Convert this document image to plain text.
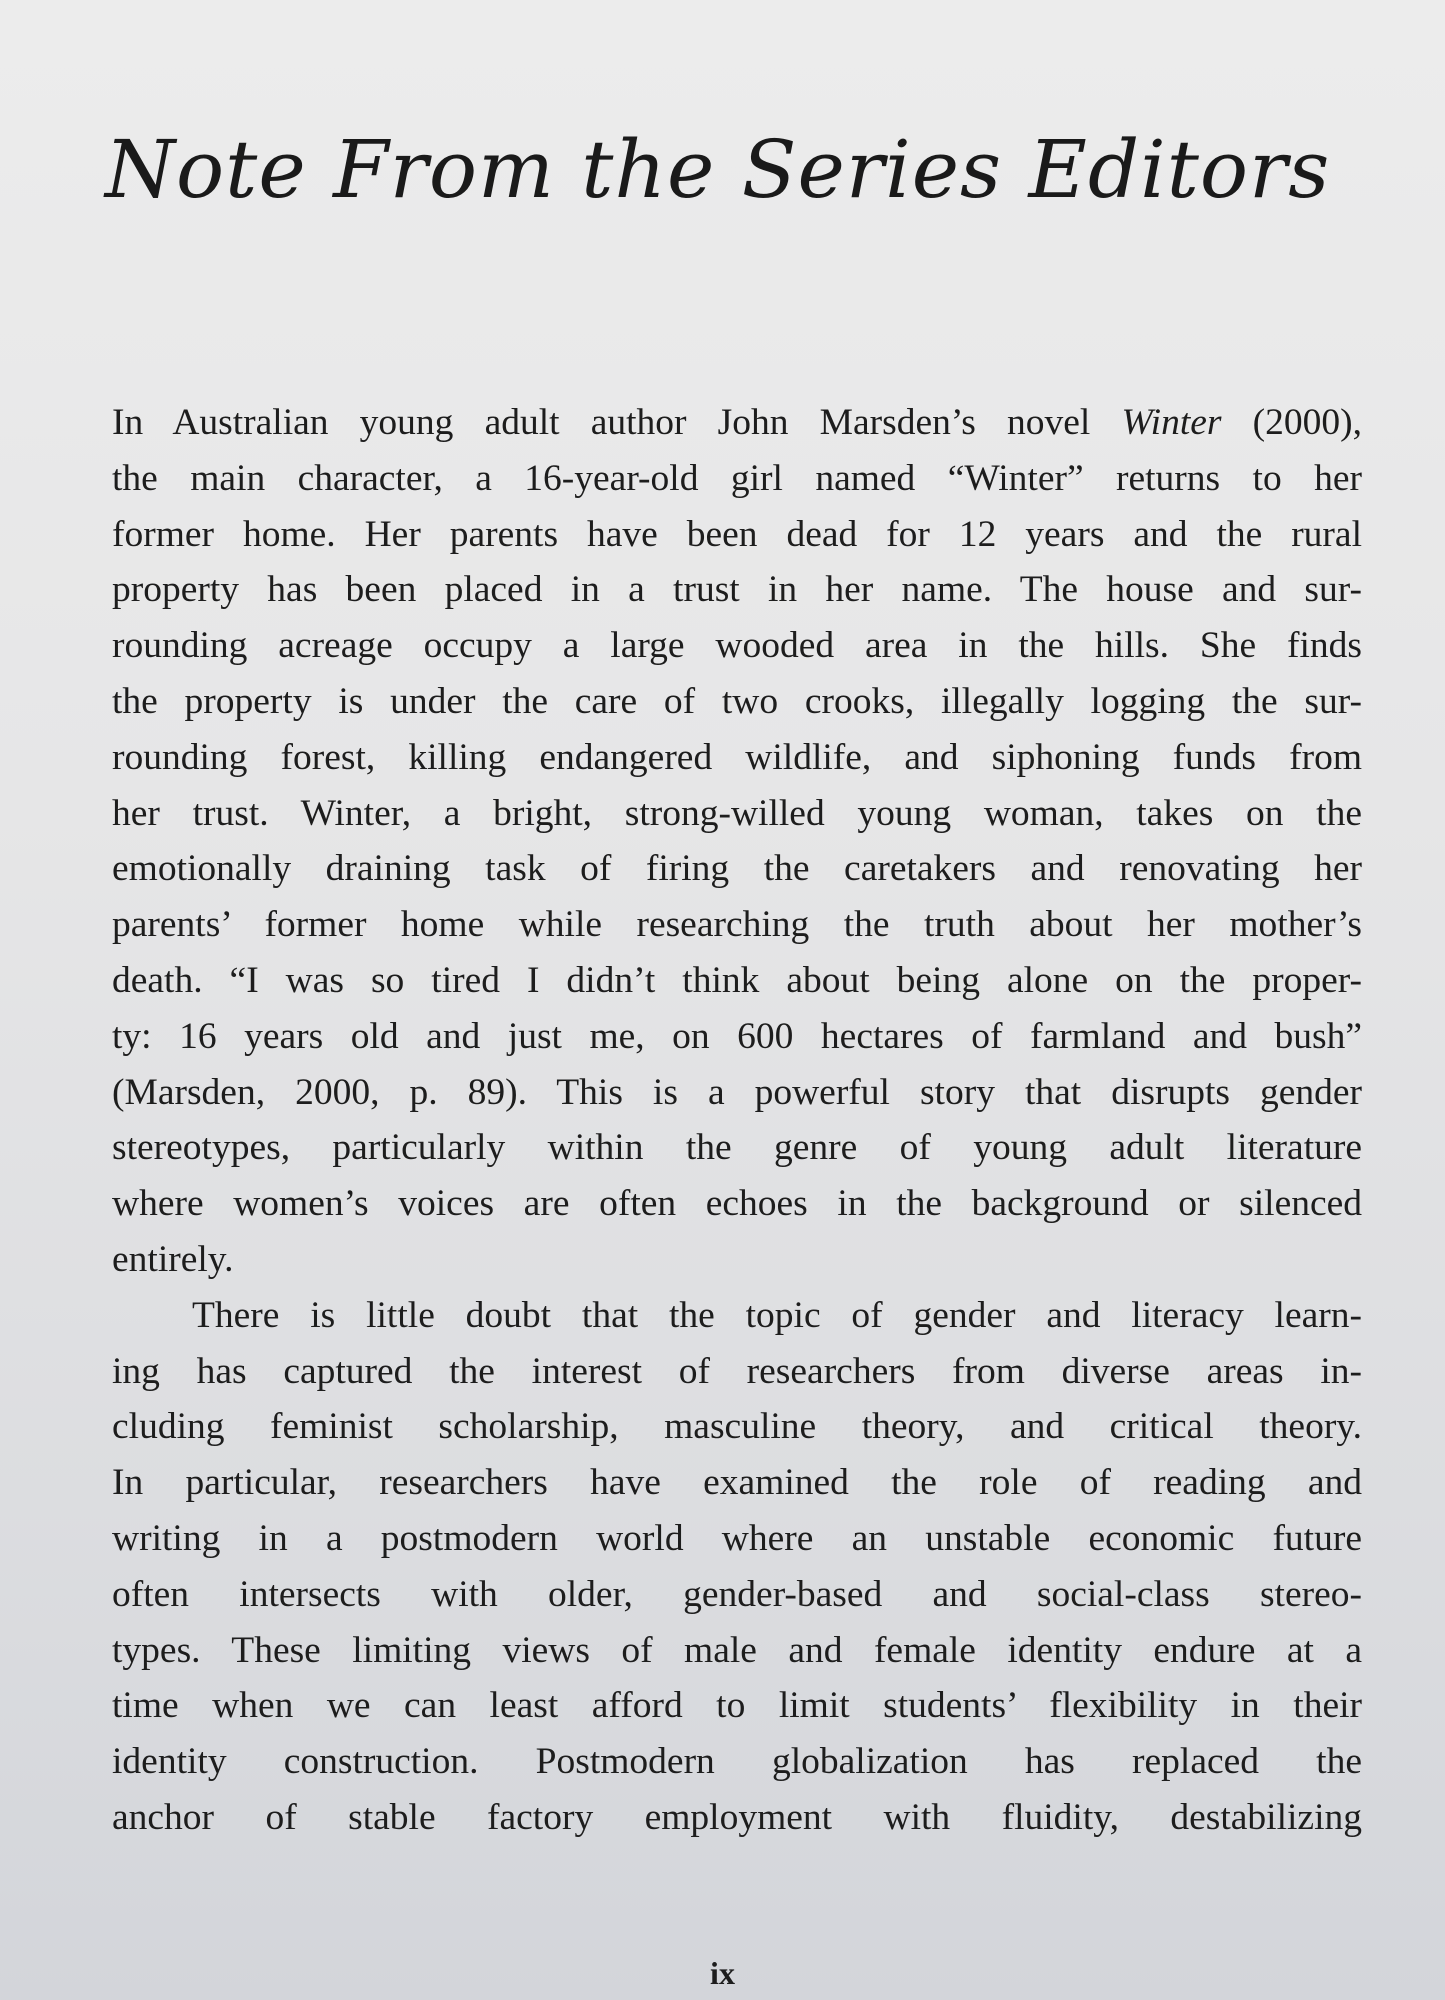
Note From the Series Editors
In Australian young adult author John Marsden’s novel Winter (2000),
the main character, a 16-year-old girl named “Winter” returns to her
former home. Her parents have been dead for 12 years and the rural
property has been placed in a trust in her name. The house and sur-
rounding acreage occupy a large wooded area in the hills. She finds
the property is under the care of two crooks, illegally logging the sur-
rounding forest, killing endangered wildlife, and siphoning funds from
her trust. Winter, a bright, strong-willed young woman, takes on the
emotionally draining task of firing the caretakers and renovating her
parents’ former home while researching the truth about her mother’s
death. “I was so tired I didn’t think about being alone on the proper-
ty: 16 years old and just me, on 600 hectares of farmland and bush”
(Marsden, 2000, p. 89). This is a powerful story that disrupts gender
stereotypes, particularly within the genre of young adult literature
where women’s voices are often echoes in the background or silenced
entirely.
There is little doubt that the topic of gender and literacy learn-
ing has captured the interest of researchers from diverse areas in-
cluding feminist scholarship, masculine theory, and critical theory.
In particular, researchers have examined the role of reading and
writing in a postmodern world where an unstable economic future
often intersects with older, gender-based and social-class stereo-
types. These limiting views of male and female identity endure at a
time when we can least afford to limit students’ flexibility in their
identity construction. Postmodern globalization has replaced the
anchor of stable factory employment with fluidity, destabilizing
ix
